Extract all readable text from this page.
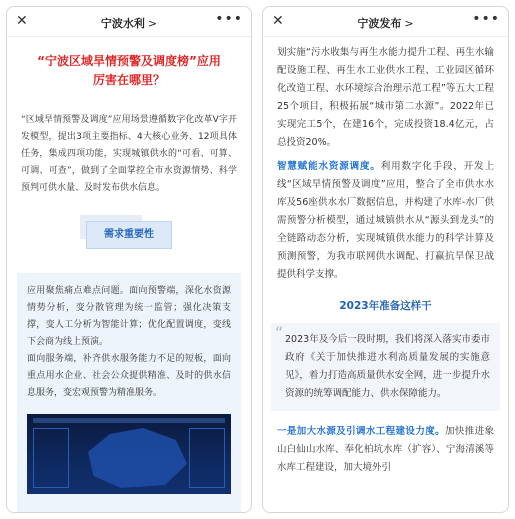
✕	宁波水利 >	•••
“宁波区域旱情预警及调度榜”应用
厉害在哪里？

“区域旱情预警及调度”应用场景遵循数字化改革V字开发模型，提出3项主要指标、4大核心业务、12项具体任务，集成四项功能，实现城镇供水的“可看、可算、可调、可查”，做到了全面掌控全市水资源情势、科学预判可供水量、及时发布供水信息。

需求重要性

应用聚焦痛点难点问题。面向预警端，深化水资源情势分析，变分散管理为统一监管；强化决策支撑，变人工分析为智能计算；优化配置调度，变线下会商为线上预演。

面向服务端，补齐供水服务能力不足的短板，面向重点用水企业、社会公众提供精准、及时的供水信息服务，变宏观预警为精准服务。

✕	宁波发布 >	•••

划实施“污水收集与再生水能力提升工程、再生水输配设施工程、再生水工业供水工程、工业园区循环化改造工程、水环境综合治理示范工程”等五大工程25个项目，积极拓展“城市第二水源”。2022年已实现完工5个，在建16个，完成投资18.4亿元，占总投资20%。

智慧赋能水资源调度。利用数字化手段，开发上线“区域旱情预警及调度”应用，整合了全市供水水库及56座供水水厂数据信息，并构建了水库-水厂供需预警分析模型，通过城镇供水从“源头到龙头”的全链路动态分析，实现城镇供水能力的科学计算及预测预警，为我市联网供水调配、打赢抗旱保卫战提供科学支撑。

2023年准备这样干
“ 2023年及今后一段时期，我们将深入落实市委市政府《关于加快推进水利高质量发展的实施意见》，着力打造高质量供水安全网，进一步提升水资源的统筹调配能力、供水保障能力。

一是加大水源及引调水工程建设力度。加快推进象山白仙山水库、奉化柏坑水库（扩容）、宁海清溪等水库工程建设，加大境外引
